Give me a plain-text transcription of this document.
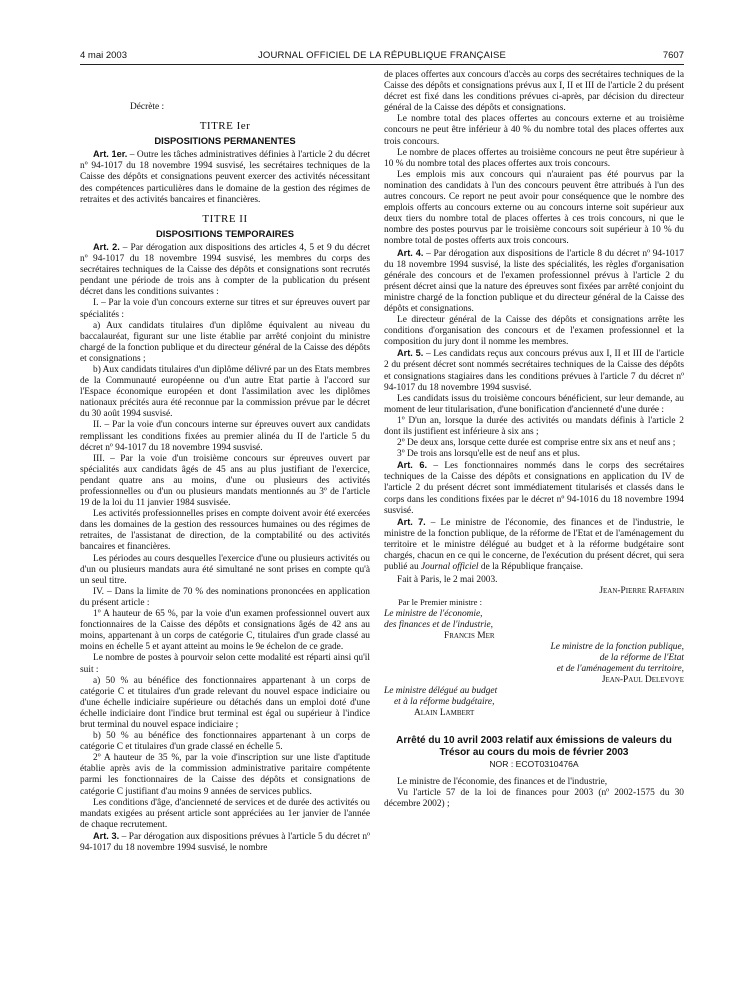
4 mai 2003	JOURNAL OFFICIEL DE LA RÉPUBLIQUE FRANÇAISE	7607

Décrète :

TITRE Ier

DISPOSITIONS PERMANENTES

Art. 1er. – Outre les tâches administratives définies à l'article 2 du décret nº 94-1017 du 18 novembre 1994 susvisé, les secrétaires techniques de la Caisse des dépôts et consignations peuvent exercer des activités nécessitant des compétences particulières dans le domaine de la gestion des régimes de retraites et des activités bancaires et financières.

TITRE II

DISPOSITIONS TEMPORAIRES

Art. 2. – Par dérogation aux dispositions des articles 4, 5 et 9 du décret nº 94-1017 du 18 novembre 1994 susvisé, les membres du corps des secrétaires techniques de la Caisse des dépôts et consignations sont recrutés pendant une période de trois ans à compter de la publication du présent décret dans les conditions suivantes :

I. – Par la voie d'un concours externe sur titres et sur épreuves ouvert par spécialités :

a) Aux candidats titulaires d'un diplôme équivalent au niveau du baccalauréat, figurant sur une liste établie par arrêté conjoint du ministre chargé de la fonction publique et du directeur général de la Caisse des dépôts et consignations ;

b) Aux candidats titulaires d'un diplôme délivré par un des Etats membres de la Communauté européenne ou d'un autre Etat partie à l'accord sur l'Espace économique européen et dont l'assimilation avec les diplômes nationaux précités aura été reconnue par la commission prévue par le décret du 30 août 1994 susvisé.

II. – Par la voie d'un concours interne sur épreuves ouvert aux candidats remplissant les conditions fixées au premier alinéa du II de l'article 5 du décret nº 94-1017 du 18 novembre 1994 susvisé.

III. – Par la voie d'un troisième concours sur épreuves ouvert par spécialités aux candidats âgés de 45 ans au plus justifiant de l'exercice, pendant quatre ans au moins, d'une ou plusieurs des activités professionnelles ou d'un ou plusieurs mandats mentionnés au 3º de l'article 19 de la loi du 11 janvier 1984 susvisée.

Les activités professionnelles prises en compte doivent avoir été exercées dans les domaines de la gestion des ressources humaines ou des régimes de retraites, de l'assistanat de direction, de la comptabilité ou des activités bancaires et financières.

Les périodes au cours desquelles l'exercice d'une ou plusieurs activités ou d'un ou plusieurs mandats aura été simultané ne sont prises en compte qu'à un seul titre.

IV. – Dans la limite de 70 % des nominations prononcées en application du présent article :

1º A hauteur de 65 %, par la voie d'un examen professionnel ouvert aux fonctionnaires de la Caisse des dépôts et consignations âgés de 42 ans au moins, appartenant à un corps de catégorie C, titulaires d'un grade classé au moins en échelle 5 et ayant atteint au moins le 9e échelon de ce grade.

Le nombre de postes à pourvoir selon cette modalité est réparti ainsi qu'il suit :

a) 50 % au bénéfice des fonctionnaires appartenant à un corps de catégorie C et titulaires d'un grade relevant du nouvel espace indiciaire ou d'une échelle indiciaire supérieure ou détachés dans un emploi doté d'une échelle indiciaire dont l'indice brut terminal est égal ou supérieur à l'indice brut terminal du nouvel espace indiciaire ;

b) 50 % au bénéfice des fonctionnaires appartenant à un corps de catégorie C et titulaires d'un grade classé en échelle 5.

2º A hauteur de 35 %, par la voie d'inscription sur une liste d'aptitude établie après avis de la commission administrative paritaire compétente parmi les fonctionnaires de la Caisse des dépôts et consignations de catégorie C justifiant d'au moins 9 années de services publics.

Les conditions d'âge, d'ancienneté de services et de durée des activités ou mandats exigées au présent article sont appréciées au 1er janvier de l'année de chaque recrutement.

Art. 3. – Par dérogation aux dispositions prévues à l'article 5 du décret nº 94-1017 du 18 novembre 1994 susvisé, le nombre

de places offertes aux concours d'accès au corps des secrétaires techniques de la Caisse des dépôts et consignations prévus aux I, II et III de l'article 2 du présent décret est fixé dans les conditions prévues ci-après, par décision du directeur général de la Caisse des dépôts et consignations.

Le nombre total des places offertes au concours externe et au troisième concours ne peut être inférieur à 40 % du nombre total des places offertes aux trois concours.

Le nombre de places offertes au troisième concours ne peut être supérieur à 10 % du nombre total des places offertes aux trois concours.

Les emplois mis aux concours qui n'auraient pas été pourvus par la nomination des candidats à l'un des concours peuvent être attribués à l'un des autres concours. Ce report ne peut avoir pour conséquence que le nombre des emplois offerts au concours externe ou au concours interne soit supérieur aux deux tiers du nombre total de places offertes à ces trois concours, ni que le nombre des postes pourvus par le troisième concours soit supérieur à 10 % du nombre total de postes offerts aux trois concours.

Art. 4. – Par dérogation aux dispositions de l'article 8 du décret nº 94-1017 du 18 novembre 1994 susvisé, la liste des spécialités, les règles d'organisation générale des concours et de l'examen professionnel prévus à l'article 2 du présent décret ainsi que la nature des épreuves sont fixées par arrêté conjoint du ministre chargé de la fonction publique et du directeur général de la Caisse des dépôts et consignations.

Le directeur général de la Caisse des dépôts et consignations arrête les conditions d'organisation des concours et de l'examen professionnel et la composition du jury dont il nomme les membres.

Art. 5. – Les candidats reçus aux concours prévus aux I, II et III de l'article 2 du présent décret sont nommés secrétaires techniques de la Caisse des dépôts et consignations stagiaires dans les conditions prévues à l'article 7 du décret nº 94-1017 du 18 novembre 1994 susvisé.

Les candidats issus du troisième concours bénéficient, sur leur demande, au moment de leur titularisation, d'une bonification d'ancienneté d'une durée :

1º D'un an, lorsque la durée des activités ou mandats définis à l'article 2 dont ils justifient est inférieure à six ans ;

2º De deux ans, lorsque cette durée est comprise entre six ans et neuf ans ;

3º De trois ans lorsqu'elle est de neuf ans et plus.

Art. 6. – Les fonctionnaires nommés dans le corps des secrétaires techniques de la Caisse des dépôts et consignations en application du IV de l'article 2 du présent décret sont immédiatement titularisés et classés dans le corps dans les conditions fixées par le décret nº 94-1016 du 18 novembre 1994 susvisé.

Art. 7. – Le ministre de l'économie, des finances et de l'industrie, le ministre de la fonction publique, de la réforme de l'Etat et de l'aménagement du territoire et le ministre délégué au budget et à la réforme budgétaire sont chargés, chacun en ce qui le concerne, de l'exécution du présent décret, qui sera publié au Journal officiel de la République française.

Fait à Paris, le 2 mai 2003.

Jean-Pierre Raffarin

Par le Premier ministre :

Le ministre de l'économie,

des finances et de l'industrie,

Francis Mer

Le ministre de la fonction publique,

de la réforme de l'Etat

et de l'aménagement du territoire,

Jean-Paul Delevoye

Le ministre délégué au budget

et à la réforme budgétaire,

Alain Lambert

Arrêté du 10 avril 2003 relatif aux émissions de valeurs du Trésor au cours du mois de février 2003

NOR : ECOT0310476A

Le ministre de l'économie, des finances et de l'industrie,

Vu l'article 57 de la loi de finances pour 2003 (nº 2002-1575 du 30 décembre 2002) ;
